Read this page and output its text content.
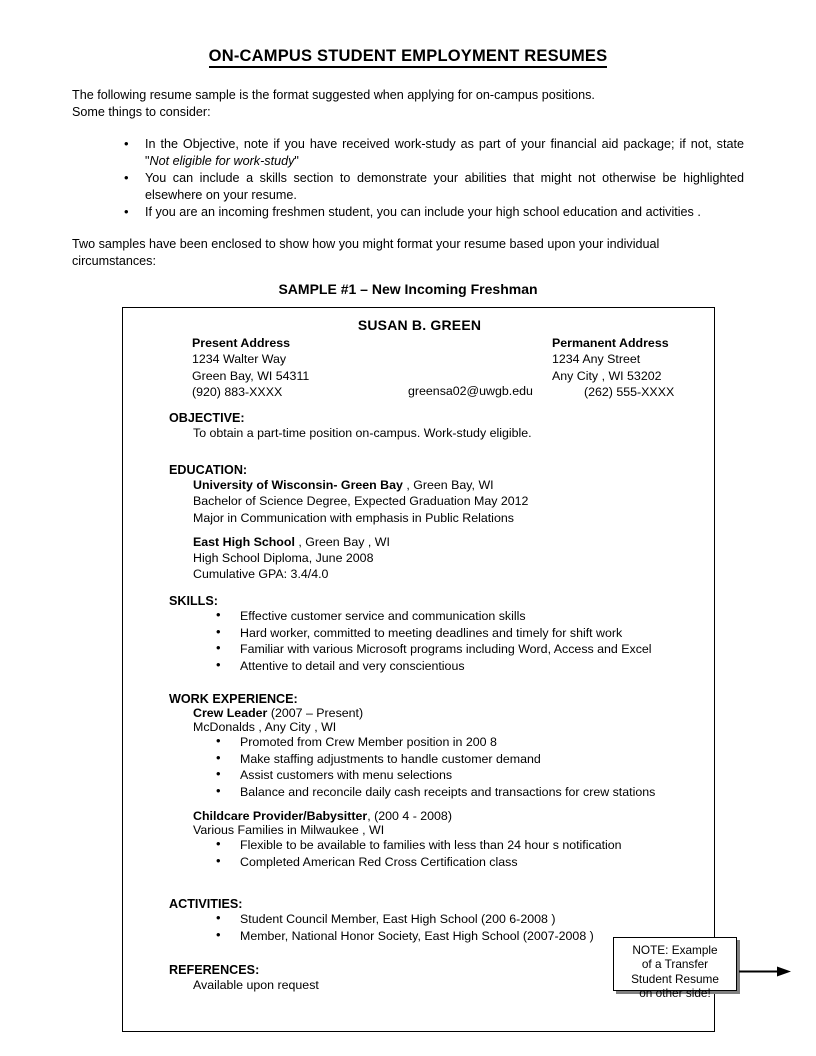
ON-CAMPUS STUDENT EMPLOYMENT RESUMES
The following resume sample is the format suggested when applying for on-campus positions.
Some things to consider:
• In the Objective, note if you have received work-study as part of your financial aid package; if not, state "Not eligible for work-study"
• You can include a skills section to demonstrate your abilities that might not otherwise be highlighted elsewhere on your resume.
• If you are an incoming freshmen student, you can include your high school education and activities .
Two samples have been enclosed to show how you might format your resume based upon your individual
circumstances:
SAMPLE #1 – New Incoming Freshman
SUSAN B. GREEN
Present Address
1234 Walter Way
Green Bay, WI 54311
(920) 883-XXXX
Permanent Address
1234 Any Street
Any City , WI 53202
(262) 555-XXXX
greensa02@uwgb.edu
OBJECTIVE:
To obtain a part-time position on-campus. Work-study eligible.
EDUCATION:
University of Wisconsin- Green Bay , Green Bay, WI
Bachelor of Science Degree, Expected Graduation May 2012
Major in Communication with emphasis in Public Relations
East High School , Green Bay , WI
High School Diploma, June 2008
Cumulative GPA: 3.4/4.0
SKILLS:
• Effective customer service and communication skills
• Hard worker, committed to meeting deadlines and timely for shift work
• Familiar with various Microsoft programs including Word, Access and Excel
• Attentive to detail and very conscientious
WORK EXPERIENCE:
Crew Leader (2007 – Present)
McDonalds , Any City , WI
• Promoted from Crew Member position in 200 8
• Make staffing adjustments to handle customer demand
• Assist customers with menu selections
• Balance and reconcile daily cash receipts and transactions for crew stations
Childcare Provider/Babysitter, (200 4 - 2008)
Various Families in Milwaukee , WI
• Flexible to be available to families with less than 24 hour s notification
• Completed American Red Cross Certification class
ACTIVITIES:
• Student Council Member, East High School (200 6-2008 )
• Member, National Honor Society, East High School (2007-2008 )
REFERENCES:
Available upon request
NOTE: Example
of a Transfer
Student Resume
on other side!
